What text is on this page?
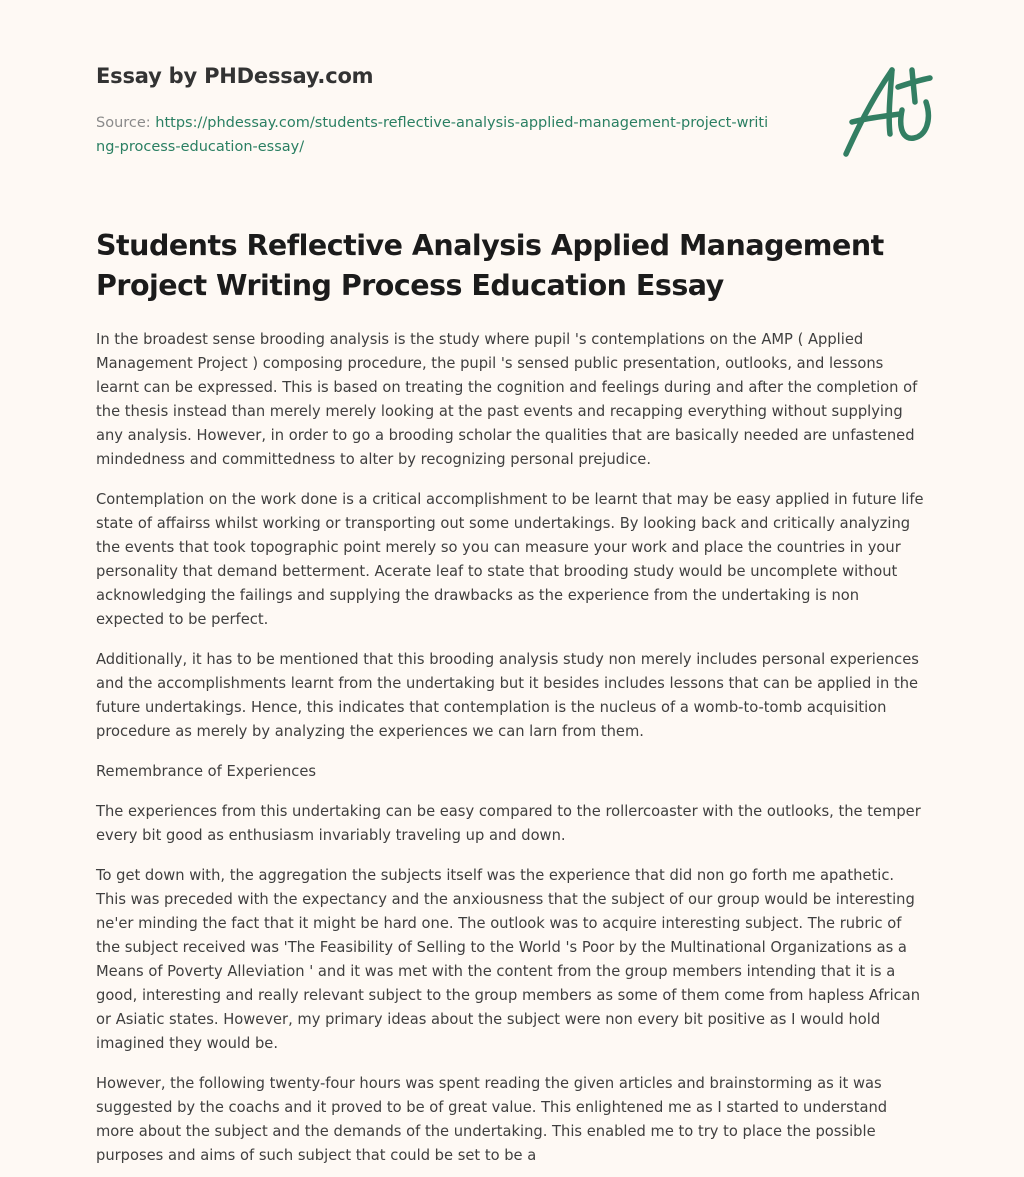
Essay by PHDessay.com
Source: https://phdessay.com/students-reflective-analysis-applied-management-project-writing-process-education-essay/
Students Reflective Analysis Applied Management Project Writing Process Education Essay

In the broadest sense brooding analysis is the study where pupil 's contemplations on the AMP ( Applied Management Project ) composing procedure, the pupil 's sensed public presentation, outlooks, and lessons learnt can be expressed. This is based on treating the cognition and feelings during and after the completion of the thesis instead than merely merely looking at the past events and recapping everything without supplying any analysis. However, in order to go a brooding scholar the qualities that are basically needed are unfastened mindedness and committedness to alter by recognizing personal prejudice.

Contemplation on the work done is a critical accomplishment to be learnt that may be easy applied in future life state of affairss whilst working or transporting out some undertakings. By looking back and critically analyzing the events that took topographic point merely so you can measure your work and place the countries in your personality that demand betterment. Acerate leaf to state that brooding study would be uncomplete without acknowledging the failings and supplying the drawbacks as the experience from the undertaking is non expected to be perfect.

Additionally, it has to be mentioned that this brooding analysis study non merely includes personal experiences and the accomplishments learnt from the undertaking but it besides includes lessons that can be applied in the future undertakings. Hence, this indicates that contemplation is the nucleus of a womb-to-tomb acquisition procedure as merely by analyzing the experiences we can larn from them.

Remembrance of Experiences

The experiences from this undertaking can be easy compared to the rollercoaster with the outlooks, the temper every bit good as enthusiasm invariably traveling up and down.

To get down with, the aggregation the subjects itself was the experience that did non go forth me apathetic. This was preceded with the expectancy and the anxiousness that the subject of our group would be interesting ne'er minding the fact that it might be hard one. The outlook was to acquire interesting subject. The rubric of the subject received was 'The Feasibility of Selling to the World 's Poor by the Multinational Organizations as a Means of Poverty Alleviation ' and it was met with the content from the group members intending that it is a good, interesting and really relevant subject to the group members as some of them come from hapless African or Asiatic states. However, my primary ideas about the subject were non every bit positive as I would hold imagined they would be.

However, the following twenty-four hours was spent reading the given articles and brainstorming as it was suggested by the coachs and it proved to be of great value. This enlightened me as I started to understand more about the subject and the demands of the undertaking. This enabled me to try to place the possible purposes and aims of such subject that could be set to be a
